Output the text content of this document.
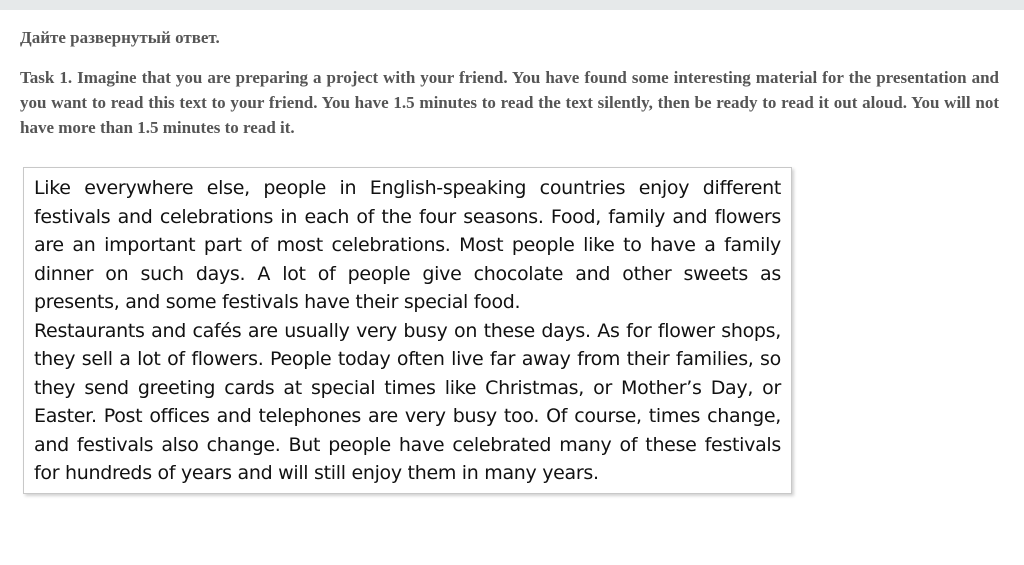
Дайте развернутый ответ.

Task 1. Imagine that you are preparing a project with your friend. You have found some interesting material for the presentation and you want to read this text to your friend. You have 1.5 minutes to read the text silently, then be ready to read it out aloud. You will not have more than 1.5 minutes to read it.

Like everywhere else, people in English-speaking countries enjoy different festivals and celebrations in each of the four seasons. Food, family and flowers are an important part of most celebrations. Most people like to have a family dinner on such days. A lot of people give chocolate and other sweets as presents, and some festivals have their special food.

Restaurants and cafés are usually very busy on these days. As for flower shops, they sell a lot of flowers. People today often live far away from their families, so they send greeting cards at special times like Christmas, or Mother’s Day, or Easter. Post offices and telephones are very busy too. Of course, times change, and festivals also change. But people have celebrated many of these festivals for hundreds of years and will still enjoy them in many years.
